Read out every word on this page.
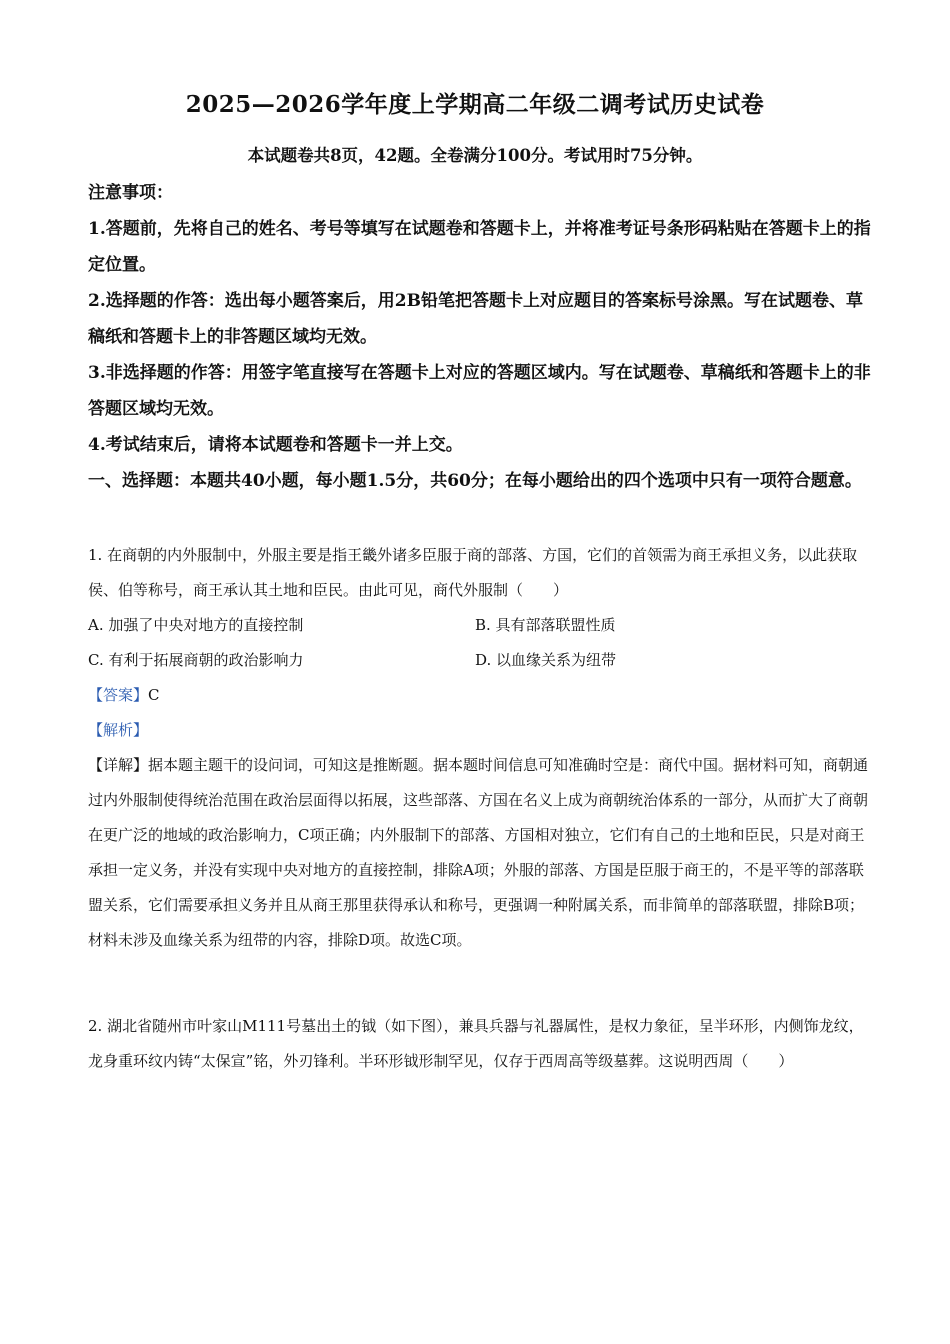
2025—2026学年度上学期高二年级二调考试历史试卷
本试题卷共8页，42题。全卷满分100分。考试用时75分钟。

注意事项：

1.答题前，先将自己的姓名、考号等填写在试题卷和答题卡上，并将准考证号条形码粘贴在答题卡上的指定位置。

2.选择题的作答：选出每小题答案后，用2B铅笔把答题卡上对应题目的答案标号涂黑。写在试题卷、草稿纸和答题卡上的非答题区域均无效。

3.非选择题的作答：用签字笔直接写在答题卡上对应的答题区域内。写在试题卷、草稿纸和答题卡上的非答题区域均无效。

4.考试结束后，请将本试题卷和答题卡一并上交。

一、选择题：本题共40小题，每小题1.5分，共60分；在每小题给出的四个选项中只有一项符合题意。

1. 在商朝的内外服制中，外服主要是指王畿外诸多臣服于商的部落、方国，它们的首领需为商王承担义务，以此获取侯、伯等称号，商王承认其土地和臣民。由此可见，商代外服制（　　）

A. 加强了中央对地方的直接控制	B. 具有部落联盟性质
C. 有利于拓展商朝的政治影响力	D. 以血缘关系为纽带

【答案】C

【解析】

【详解】据本题主题干的设问词，可知这是推断题。据本题时间信息可知准确时空是：商代中国。据材料可知，商朝通过内外服制使得统治范围在政治层面得以拓展，这些部落、方国在名义上成为商朝统治体系的一部分，从而扩大了商朝在更广泛的地域的政治影响力，C项正确；内外服制下的部落、方国相对独立，它们有自己的土地和臣民，只是对商王承担一定义务，并没有实现中央对地方的直接控制，排除A项；外服的部落、方国是臣服于商王的，不是平等的部落联盟关系，它们需要承担义务并且从商王那里获得承认和称号，更强调一种附属关系，而非简单的部落联盟，排除B项；材料未涉及血缘关系为纽带的内容，排除D项。故选C项。

2. 湖北省随州市叶家山M111号墓出土的钺（如下图），兼具兵器与礼器属性，是权力象征，呈半环形，内侧饰龙纹，龙身重环纹内铸“太保宣”铭，外刃锋利。半环形钺形制罕见，仅存于西周高等级墓葬。这说明西周（　　）
